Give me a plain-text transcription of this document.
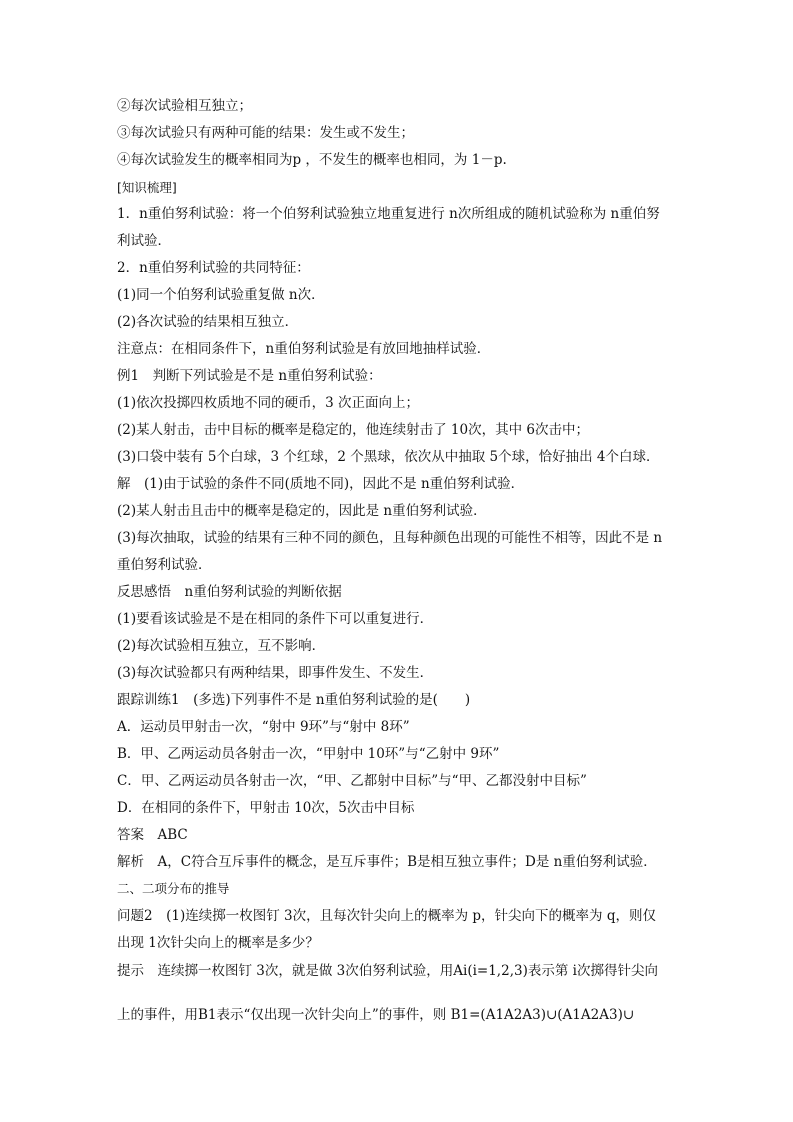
②每次试验相互独立；
③每次试验只有两种可能的结果：发生或不发生；
④每次试验发生的概率相同为p ，不发生的概率也相同，为 1－p.
[知识梳理]
1．n重伯努利试验：将一个伯努利试验独立地重复进行 n次所组成的随机试验称为 n重伯努
利试验．
2．n重伯努利试验的共同特征：
(1)同一个伯努利试验重复做 n次．
(2)各次试验的结果相互独立．
注意点：在相同条件下，n重伯努利试验是有放回地抽样试验．
例1　判断下列试验是不是 n重伯努利试验：
(1)依次投掷四枚质地不同的硬币，3 次正面向上；
(2)某人射击，击中目标的概率是稳定的，他连续射击了 10次，其中 6次击中；
(3)口袋中装有 5个白球，3 个红球，2 个黑球，依次从中抽取 5个球，恰好抽出 4个白球．
解　(1)由于试验的条件不同(质地不同)，因此不是 n重伯努利试验．
(2)某人射击且击中的概率是稳定的，因此是 n重伯努利试验．
(3)每次抽取，试验的结果有三种不同的颜色，且每种颜色出现的可能性不相等，因此不是 n
重伯努利试验．
反思感悟　n重伯努利试验的判断依据
(1)要看该试验是不是在相同的条件下可以重复进行．
(2)每次试验相互独立，互不影响．
(3)每次试验都只有两种结果，即事件发生、不发生．
跟踪训练1　(多选)下列事件不是 n重伯努利试验的是(　　)
A．运动员甲射击一次，“射中 9环”与“射中 8环”
B．甲、乙两运动员各射击一次，“甲射中 10环”与“乙射中 9环”
C．甲、乙两运动员各射击一次，“甲、乙都射中目标”与“甲、乙都没射中目标”
D．在相同的条件下，甲射击 10次，5次击中目标
答案　ABC
解析　A，C符合互斥事件的概念，是互斥事件；B是相互独立事件；D是 n重伯努利试验．
二、二项分布的推导
问题2　(1)连续掷一枚图钉 3次，且每次针尖向上的概率为 p，针尖向下的概率为 q，则仅
出现 1次针尖向上的概率是多少？
提示　连续掷一枚图钉 3次，就是做 3次伯努利试验，用Ai(i=1,2,3)表示第 i次掷得针尖向
上的事件，用B1表示“仅出现一次针尖向上”的事件，则 B1=(A1A2A3)∪(A1A2A3)∪
